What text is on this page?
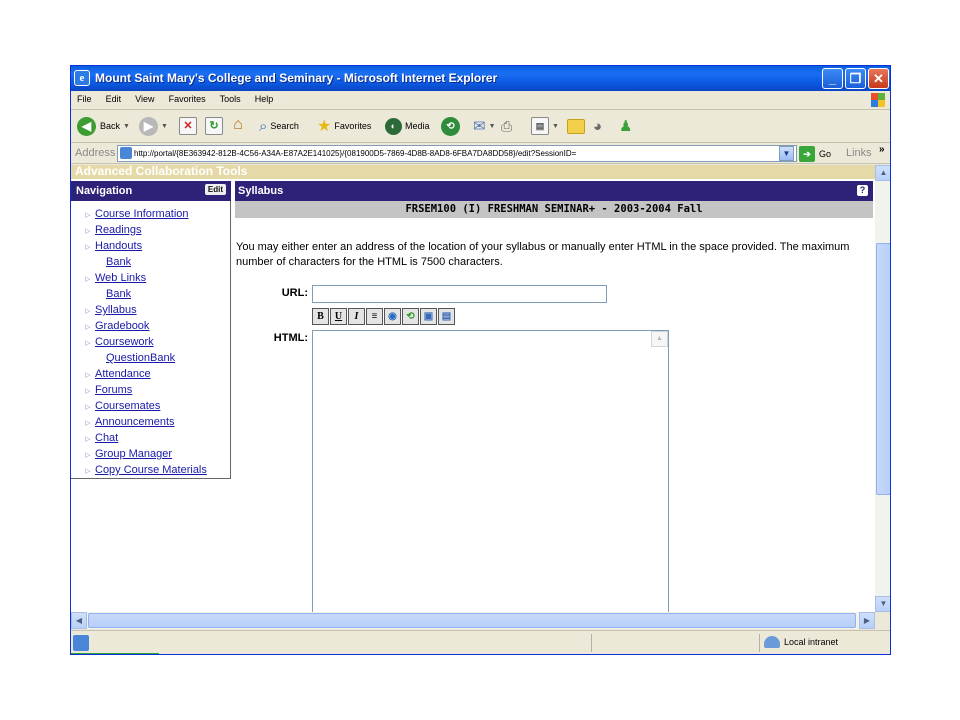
e Mount Saint Mary's College and Seminary - Microsoft Internet Explorer	_	❐ ✕
File Edit View Favorites Tools Help
◀ Back ▼	▶	▼	✕	↻ ⌂ ⌕ Search ★ Favorites	◐ Media	⟲	✉ ▼ ⎙	▤	▼ ◕ ♟
Address	http://portal/{8E363942-812B-4C56-A34A-E87A2E141025}/{081900D5-7869-4D8B-8AD8-6FBA7DA8DD58}/edit?SessionID=	▼	➔ Go Links »
Advanced Collaboration Tools
Navigation	Edit
▷ Course Information
▷ Readings
▷ Handouts
Bank
▷ Web Links
Bank
▷ Syllabus
▷ Gradebook
▷ Coursework
QuestionBank
▷ Attendance
▷ Forums
▷ Coursemates
▷ Announcements
▷ Chat
▷ Group Manager
▷ Copy Course Materials
Syllabus	?
FRSEM100 (I) FRESHMAN SEMINAR+ - 2003-2004 Fall
You may either enter an address of the location of your syllabus or manually enter HTML in the space provided. The maximum number of characters for the HTML is 7500 characters.
URL:
B	U	I	≡	◉ ⟲ ▣ ▤
HTML:	▲
▲
▼
◀	▶
Local intranet
